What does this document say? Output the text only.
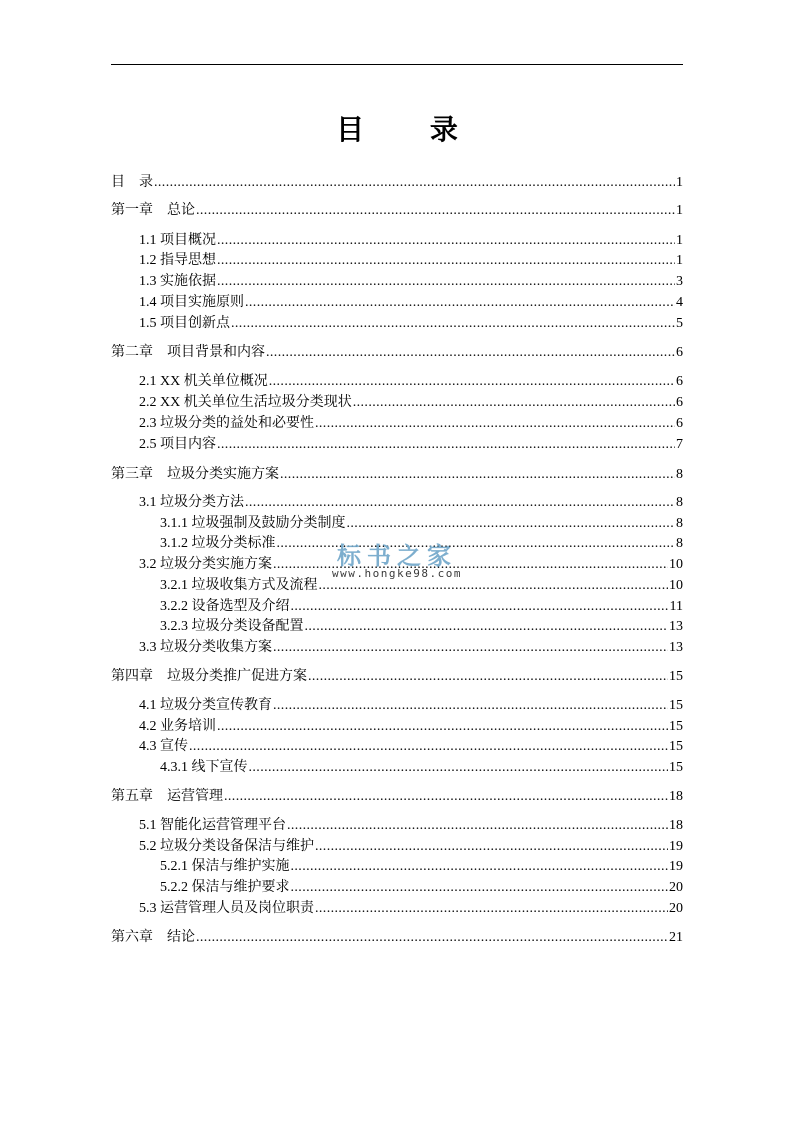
目 录
目　录 .....	1
第一章　总论 .....	1
1.1 项目概况 .....	1
1.2 指导思想 .....	1
1.3 实施依据 .....	3
1.4 项目实施原则 .....	4
1.5 项目创新点 .....	5
第二章　项目背景和内容 .....	6
2.1 XX 机关单位概况 .....	6
2.2 XX 机关单位生活垃圾分类现状 .....	6
2.3 垃圾分类的益处和必要性 .....	6
2.5 项目内容 .....	7
第三章　垃圾分类实施方案 .....	8
3.1 垃圾分类方法 .....	8
3.1.1 垃圾强制及鼓励分类制度 .....	8
3.1.2 垃圾分类标准 .....	8
3.2 垃圾分类实施方案 .....	10
3.2.1 垃圾收集方式及流程 .....	10
3.2.2 设备选型及介绍 .....	11
3.2.3 垃圾分类设备配置 .....	13
3.3 垃圾分类收集方案 .....	13
第四章　垃圾分类推广促进方案 .....	15
4.1 垃圾分类宣传教育 .....	15
4.2 业务培训 .....	15
4.3 宣传 .....	15
4.3.1 线下宣传 .....	15
第五章　运营管理 .....	18
5.1 智能化运营管理平台 .....	18
5.2 垃圾分类设备保洁与维护 .....	19
5.2.1 保洁与维护实施 .....	19
5.2.2 保洁与维护要求 .....	20
5.3 运营管理人员及岗位职责 .....	20
第六章　结论 .....	21
标书之家
www.hongke98.com
